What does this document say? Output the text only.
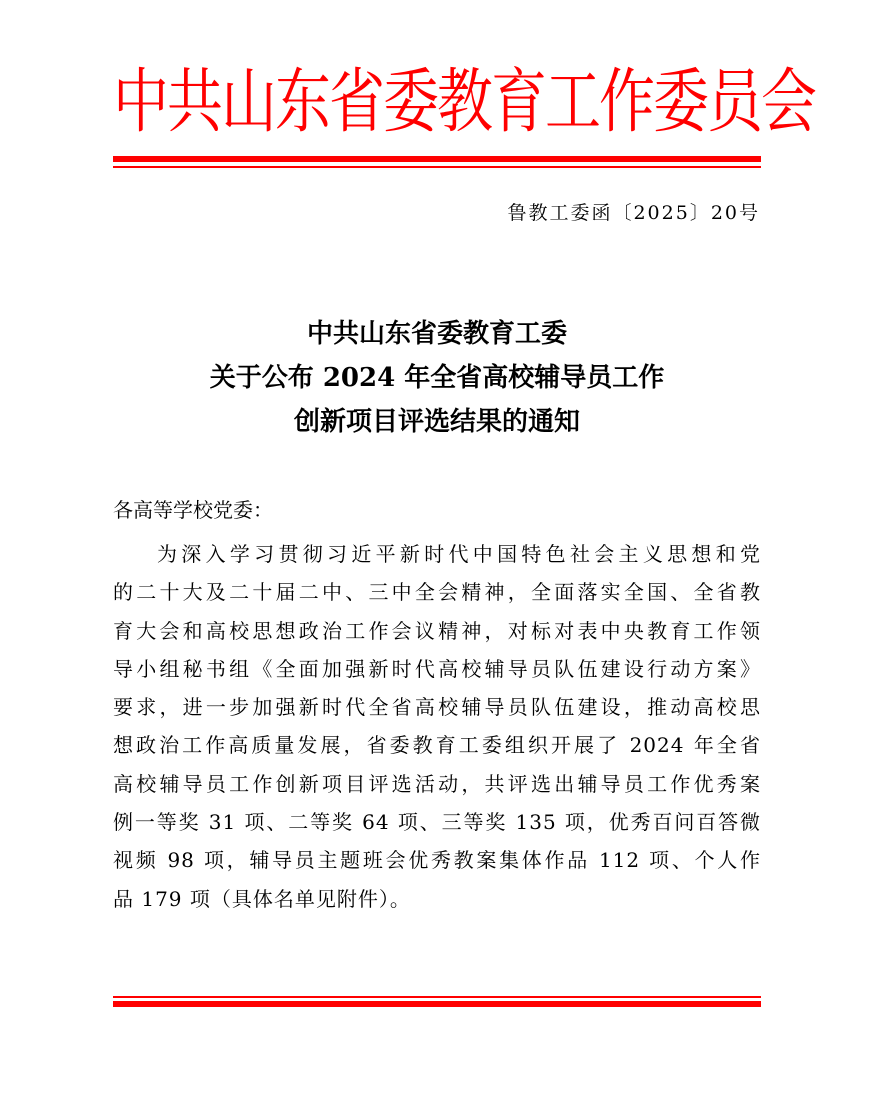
中共山东省委教育工作委员会
鲁教工委函〔2025〕20号
中共山东省委教育工委
关于公布 2024 年全省高校辅导员工作
创新项目评选结果的通知
各高等学校党委：
为深入学习贯彻习近平新时代中国特色社会主义思想和党
的二十大及二十届二中、三中全会精神，全面落实全国、全省教
育大会和高校思想政治工作会议精神，对标对表中央教育工作领
导小组秘书组《全面加强新时代高校辅导员队伍建设行动方案》
要求，进一步加强新时代全省高校辅导员队伍建设，推动高校思
想政治工作高质量发展，省委教育工委组织开展了 2024 年全省
高校辅导员工作创新项目评选活动，共评选出辅导员工作优秀案
例一等奖 31 项、二等奖 64 项、三等奖 135 项，优秀百问百答微
视频 98 项，辅导员主题班会优秀教案集体作品 112 项、个人作
品 179 项（具体名单见附件）。
